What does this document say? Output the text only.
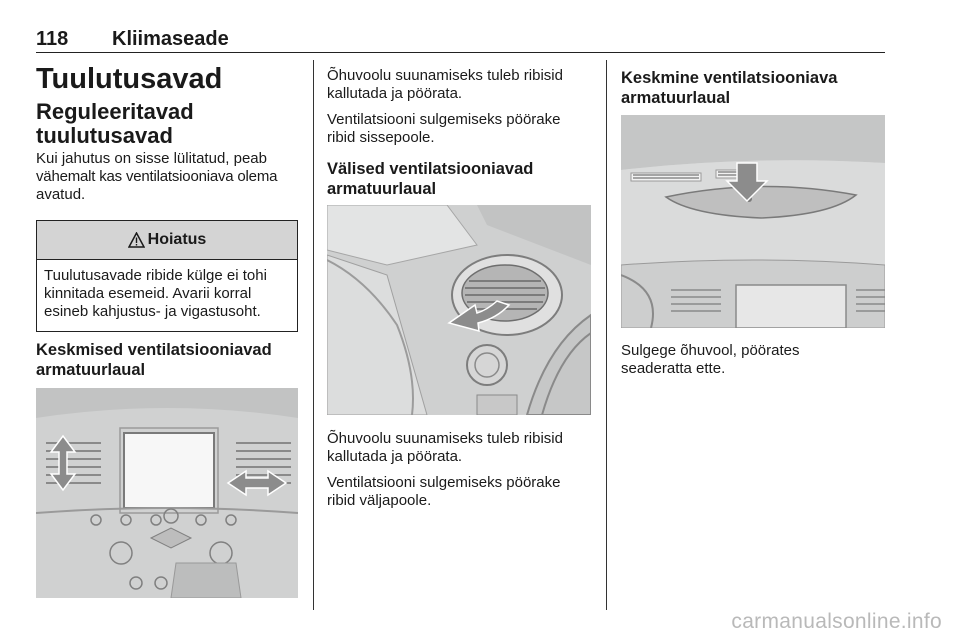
118 Kliimaseade
Tuulutusavad
Reguleeritavad
tuulutusavad
Kui jahutus on sisse lülitatud, peab
vähemalt kas ventilatsiooniava olema
avatud.
Hoiatus
Tuulutusavade ribide külge ei tohi
kinnitada esemeid. Avarii korral
esineb kahjustus- ja vigastusoht.
Keskmised ventilatsiooniavad
armatuurlaual
Õhuvoolu suunamiseks tuleb ribisid
kallutada ja pöörata.
Ventilatsiooni sulgemiseks pöörake
ribid sissepoole.
Välised ventilatsiooniavad
armatuurlaual
Õhuvoolu suunamiseks tuleb ribisid
kallutada ja pöörata.
Ventilatsiooni sulgemiseks pöörake
ribid väljapoole.
Keskmine ventilatsiooniava
armatuurlaual
Sulgege õhuvool, pöörates
seaderatta ette.
carmanualsonline.info
